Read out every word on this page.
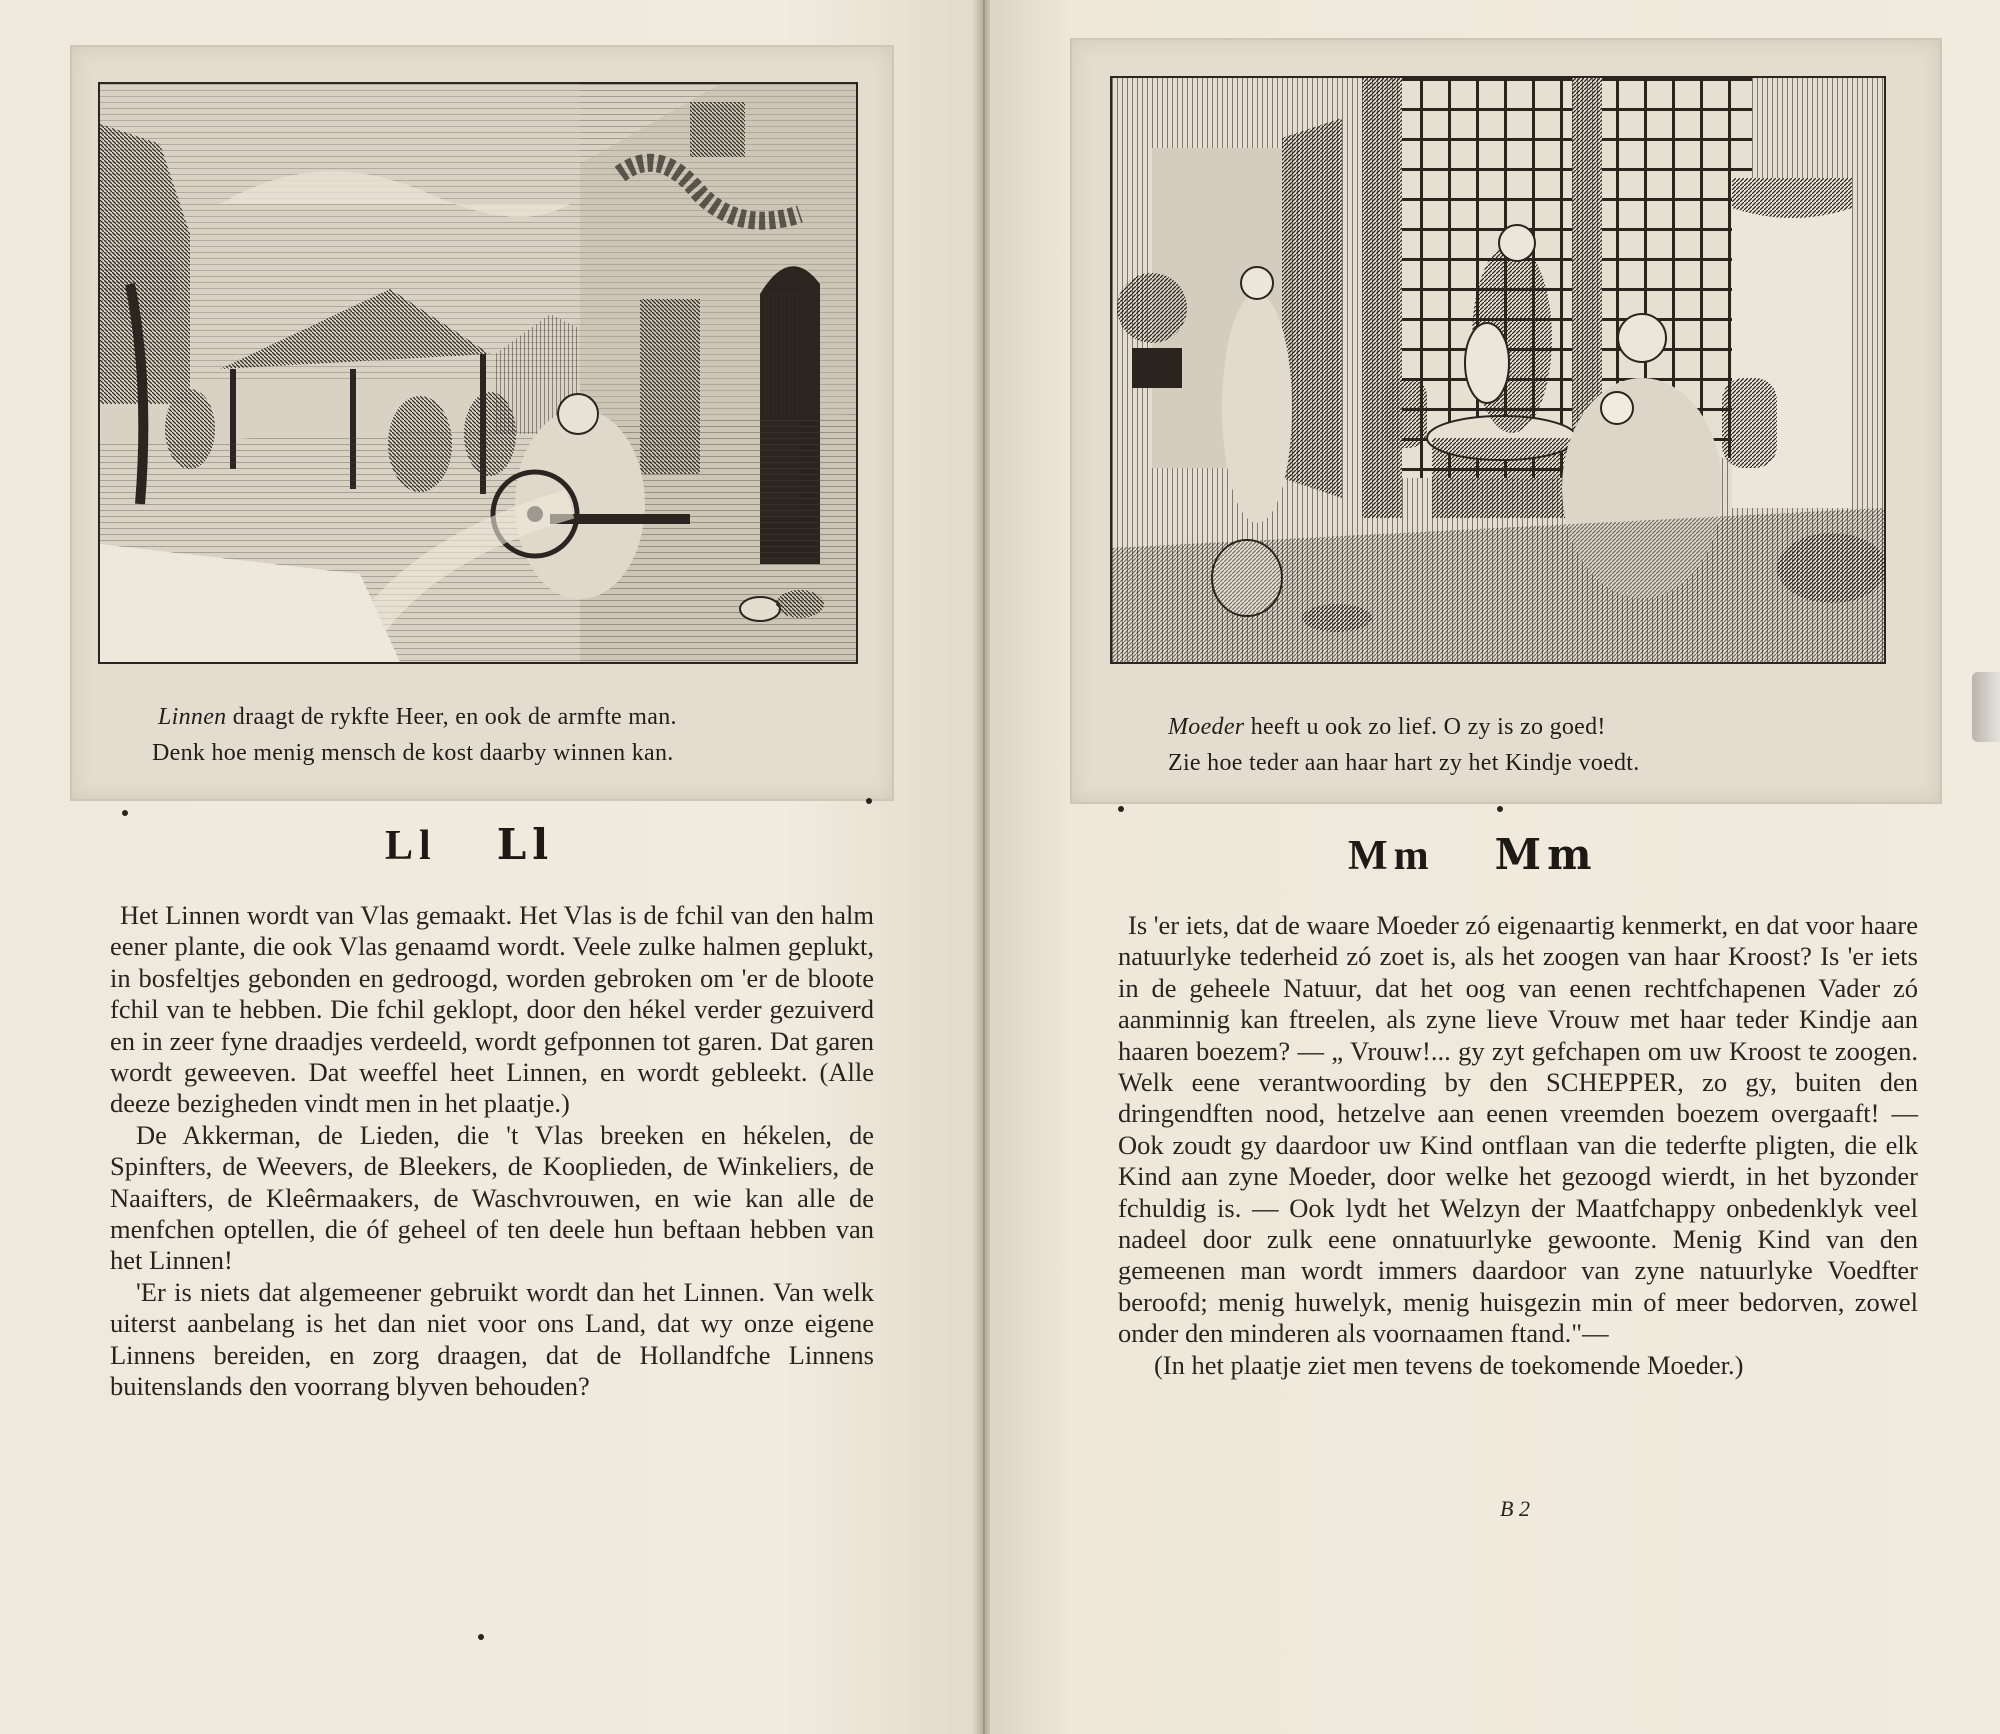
Linnen draagt de rykfte Heer, en ook de armfte man.
Denk hoe menig mensch de kost daarby winnen kan.
Ll Ll

Het Linnen wordt van Vlas gemaakt. Het Vlas is de fchil van den halm eener plante, die ook Vlas genaamd wordt. Veele zulke halmen geplukt, in bosfeltjes gebonden en gedroogd, worden gebroken om 'er de bloote fchil van te hebben. Die fchil geklopt, door den hékel verder gezuiverd en in zeer fyne draadjes verdeeld, wordt gefponnen tot garen. Dat garen wordt geweeven. Dat weeffel heet Linnen, en wordt gebleekt. (Alle deeze bezigheden vindt men in het plaatje.)

De Akkerman, de Lieden, die 't Vlas breeken en hékelen, de Spinfters, de Weevers, de Bleekers, de Kooplieden, de Winkeliers, de Naaifters, de Kleêrmaakers, de Waschvrouwen, en wie kan alle de menfchen optellen, die óf geheel of ten deele hun beftaan hebben van het Linnen!

'Er is niets dat algemeener gebruikt wordt dan het Linnen. Van welk uiterst aanbelang is het dan niet voor ons Land, dat wy onze eigene Linnens bereiden, en zorg draagen, dat de Hollandfche Linnens buitenslands den voorrang blyven behouden?

Moeder heeft u ook zo lief. O zy is zo goed!
Zie hoe teder aan haar hart zy het Kindje voedt.
Mm Mm

Is 'er iets, dat de waare Moeder zó eigenaartig kenmerkt, en dat voor haare natuurlyke tederheid zó zoet is, als het zoogen van haar Kroost? Is 'er iets in de geheele Natuur, dat het oog van eenen rechtfchapenen Vader zó aanminnig kan ftreelen, als zyne lieve Vrouw met haar teder Kindje aan haaren boezem? — „ Vrouw!... gy zyt gefchapen om uw Kroost te zoogen. Welk eene verantwoording by den SCHEPPER, zo gy, buiten den dringendften nood, hetzelve aan eenen vreemden boezem overgaaft! — Ook zoudt gy daardoor uw Kind ontflaan van die tederfte pligten, die elk Kind aan zyne Moeder, door welke het gezoogd wierdt, in het byzonder fchuldig is. — Ook lydt het Welzyn der Maatfchappy onbedenklyk veel nadeel door zulk eene onnatuurlyke gewoonte. Menig Kind van den gemeenen man wordt immers daardoor van zyne natuurlyke Voedfter beroofd; menig huwelyk, menig huisgezin min of meer bedorven, zowel onder den minderen als voornaamen ftand."—

(In het plaatje ziet men tevens de toekomende Moeder.)

B 2
